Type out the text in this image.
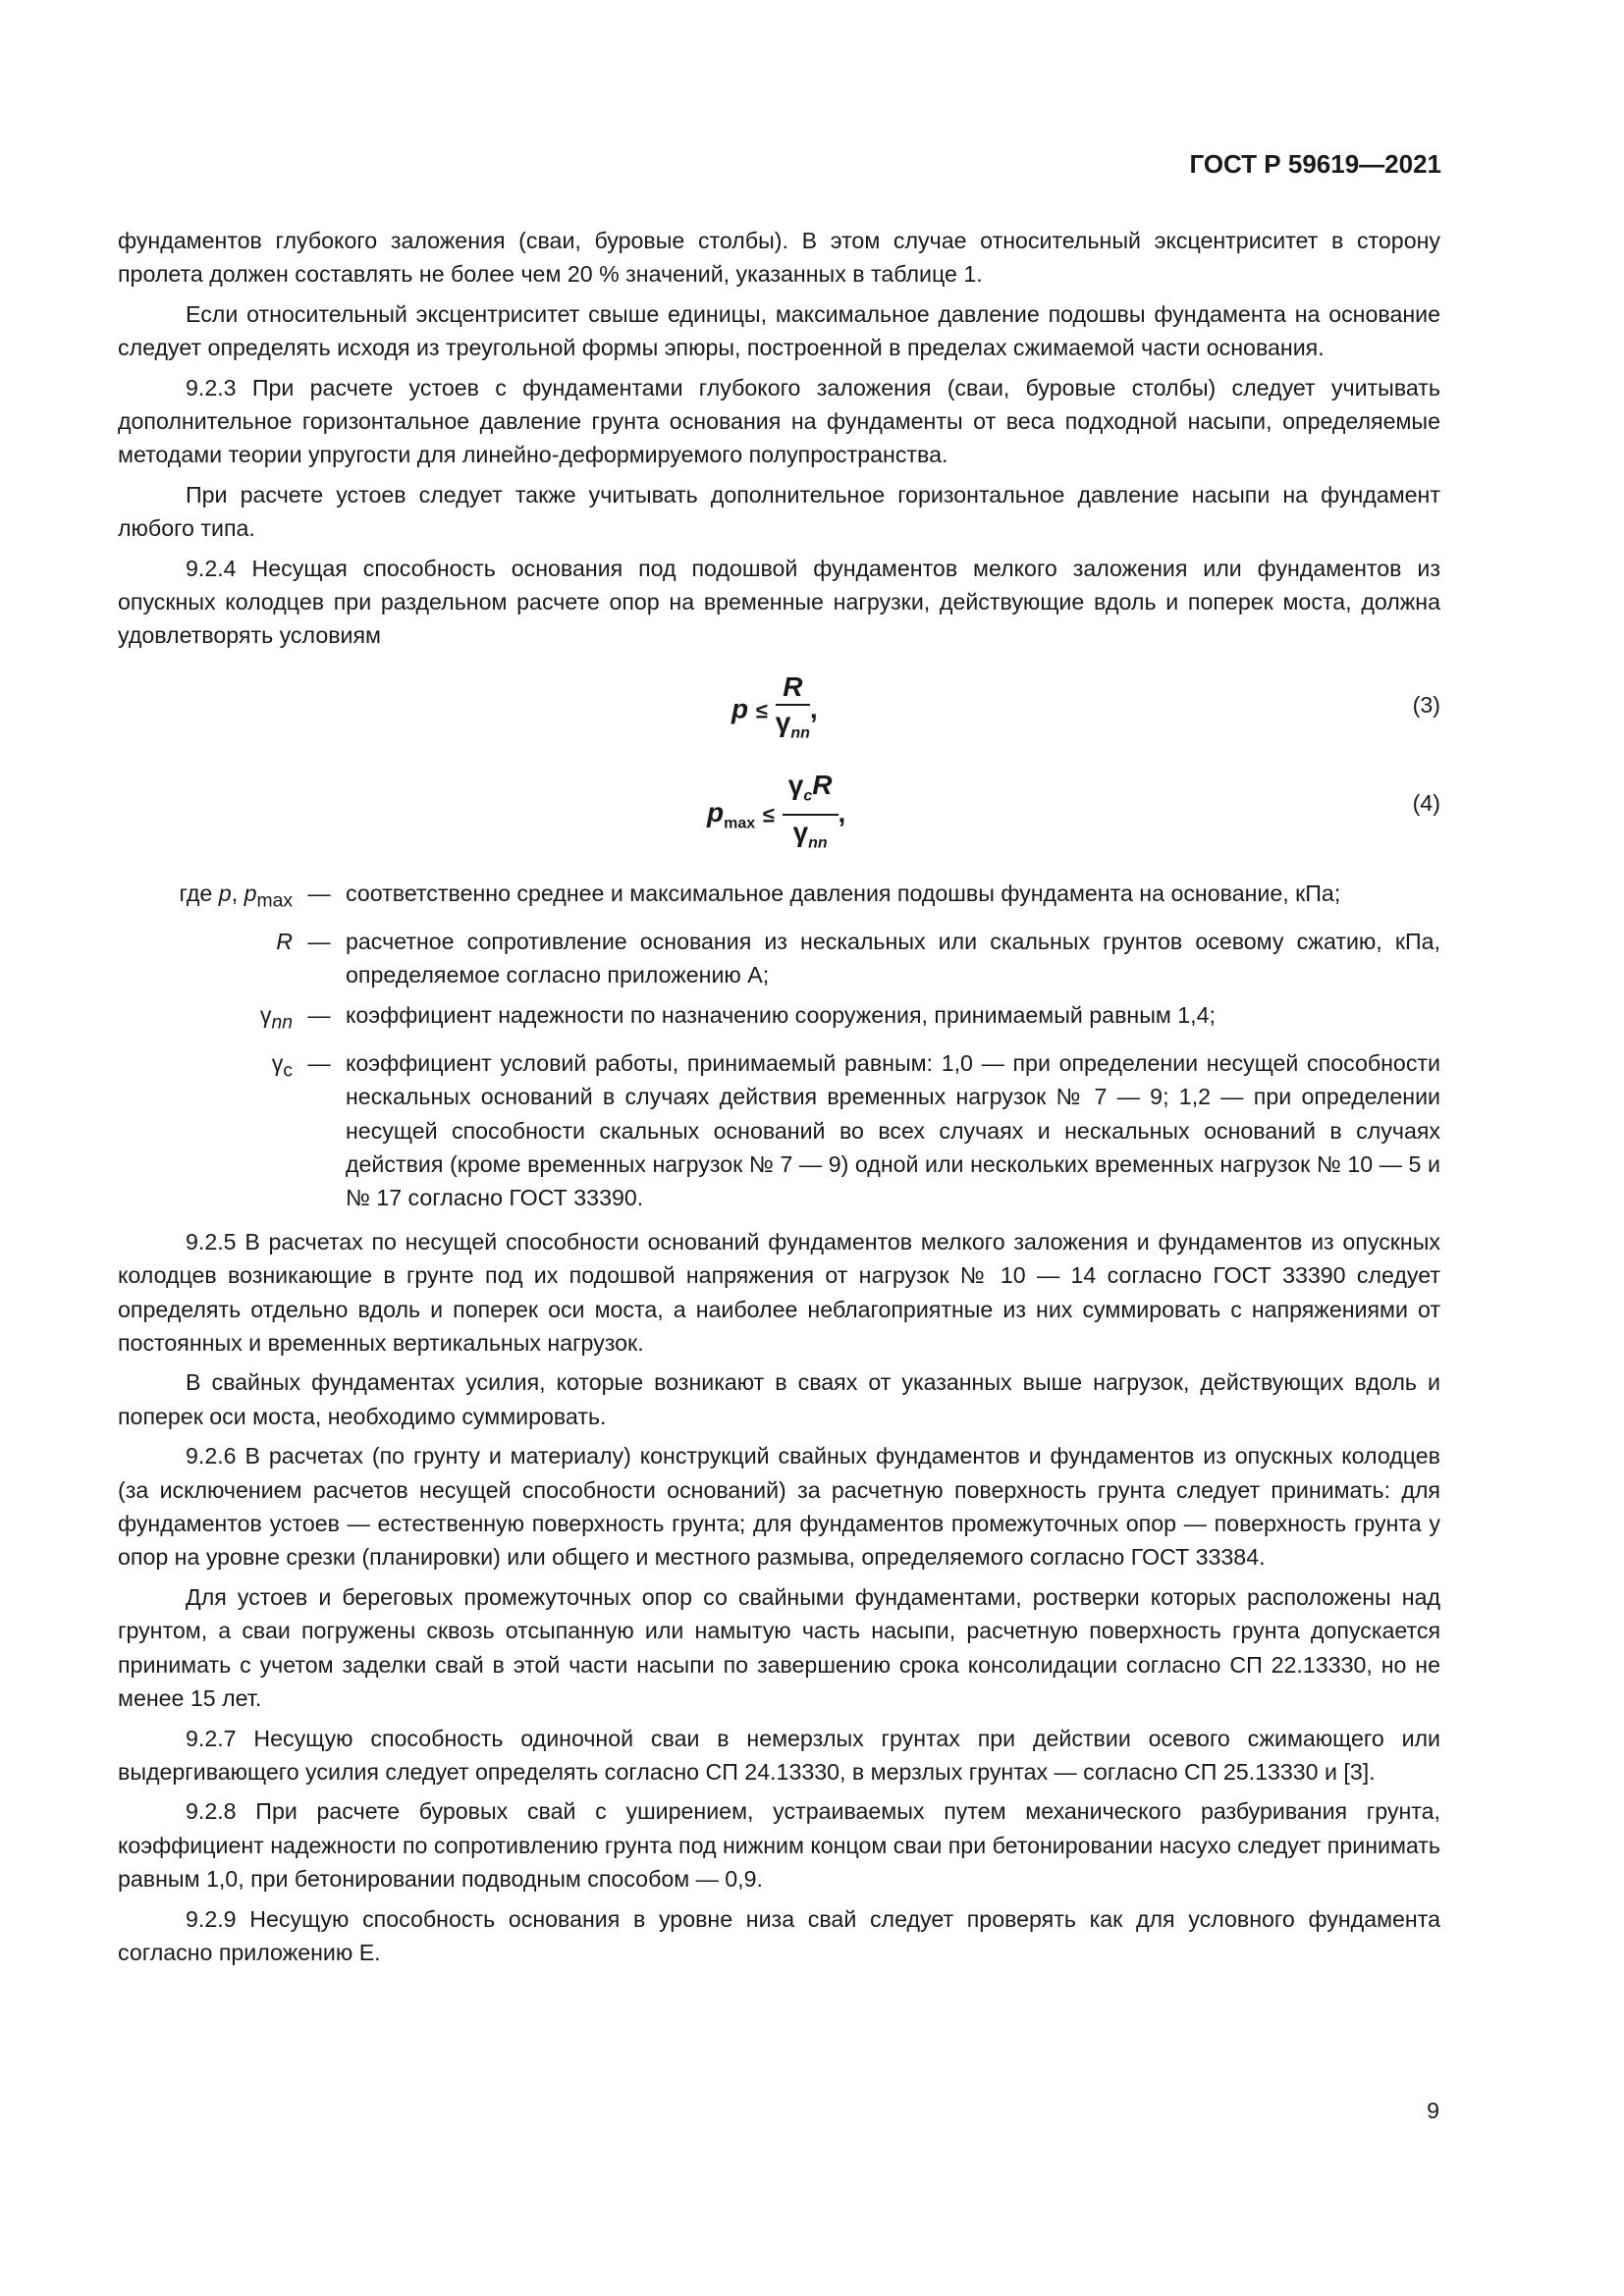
ГОСТ Р 59619—2021

фундаментов глубокого заложения (сваи, буровые столбы). В этом случае относительный эксцентриситет в сторону пролета должен составлять не более чем 20 % значений, указанных в таблице 1.

Если относительный эксцентриситет свыше единицы, максимальное давление подошвы фундамента на основание следует определять исходя из треугольной формы эпюры, построенной в пределах сжимаемой части основания.

9.2.3 При расчете устоев с фундаментами глубокого заложения (сваи, буровые столбы) следует учитывать дополнительное горизонтальное давление грунта основания на фундаменты от веса подходной насыпи, определяемые методами теории упругости для линейно-деформируемого полупространства.

При расчете устоев следует также учитывать дополнительное горизонтальное давление насыпи на фундамент любого типа.

9.2.4 Несущая способность основания под подошвой фундаментов мелкого заложения или фундаментов из опускных колодцев при раздельном расчете опор на временные нагрузки, действующие вдоль и поперек моста, должна удовлетворять условиям

$p \le \frac{R}{\gamma_{nn}}$ ,	(3)
$p_{max} \le \frac{\gamma_cR}{\gamma_{nn}}$ ,	(4)
где p, $p_{max}$ — соответственно среднее и максимальное давления подошвы фундамента на основание, кПа;
R — расчетное сопротивление основания из нескальных или скальных грунтов осевому сжатию, кПа, определяемое согласно приложению А;
$\gamma_{nn}$ — коэффициент надежности по назначению сооружения, принимаемый равным 1,4;
$\gamma_c$ — коэффициент условий работы, принимаемый равным: 1,0 — при определении несущей способности нескальных оснований в случаях действия временных нагрузок № 7 — 9; 1,2 — при определении несущей способности скальных оснований во всех случаях и нескальных оснований в случаях действия (кроме временных нагрузок № 7 — 9) одной или нескольких временных нагрузок № 10 — 5 и № 17 согласно ГОСТ 33390.

9.2.5 В расчетах по несущей способности оснований фундаментов мелкого заложения и фундаментов из опускных колодцев возникающие в грунте под их подошвой напряжения от нагрузок № 10 — 14 согласно ГОСТ 33390 следует определять отдельно вдоль и поперек оси моста, а наиболее неблагоприятные из них суммировать с напряжениями от постоянных и временных вертикальных нагрузок.

В свайных фундаментах усилия, которые возникают в сваях от указанных выше нагрузок, действующих вдоль и поперек оси моста, необходимо суммировать.

9.2.6 В расчетах (по грунту и материалу) конструкций свайных фундаментов и фундаментов из опускных колодцев (за исключением расчетов несущей способности оснований) за расчетную поверхность грунта следует принимать: для фундаментов устоев — естественную поверхность грунта; для фундаментов промежуточных опор — поверхность грунта у опор на уровне срезки (планировки) или общего и местного размыва, определяемого согласно ГОСТ 33384.

Для устоев и береговых промежуточных опор со свайными фундаментами, ростверки которых расположены над грунтом, а сваи погружены сквозь отсыпанную или намытую часть насыпи, расчетную поверхность грунта допускается принимать с учетом заделки свай в этой части насыпи по завершению срока консолидации согласно СП 22.13330, но не менее 15 лет.

9.2.7 Несущую способность одиночной сваи в немерзлых грунтах при действии осевого сжимающего или выдергивающего усилия следует определять согласно СП 24.13330, в мерзлых грунтах — согласно СП 25.13330 и [3].

9.2.8 При расчете буровых свай с уширением, устраиваемых путем механического разбуривания грунта, коэффициент надежности по сопротивлению грунта под нижним концом сваи при бетонировании насухо следует принимать равным 1,0, при бетонировании подводным способом — 0,9.

9.2.9 Несущую способность основания в уровне низа свай следует проверять как для условного фундамента согласно приложению Е.

9
